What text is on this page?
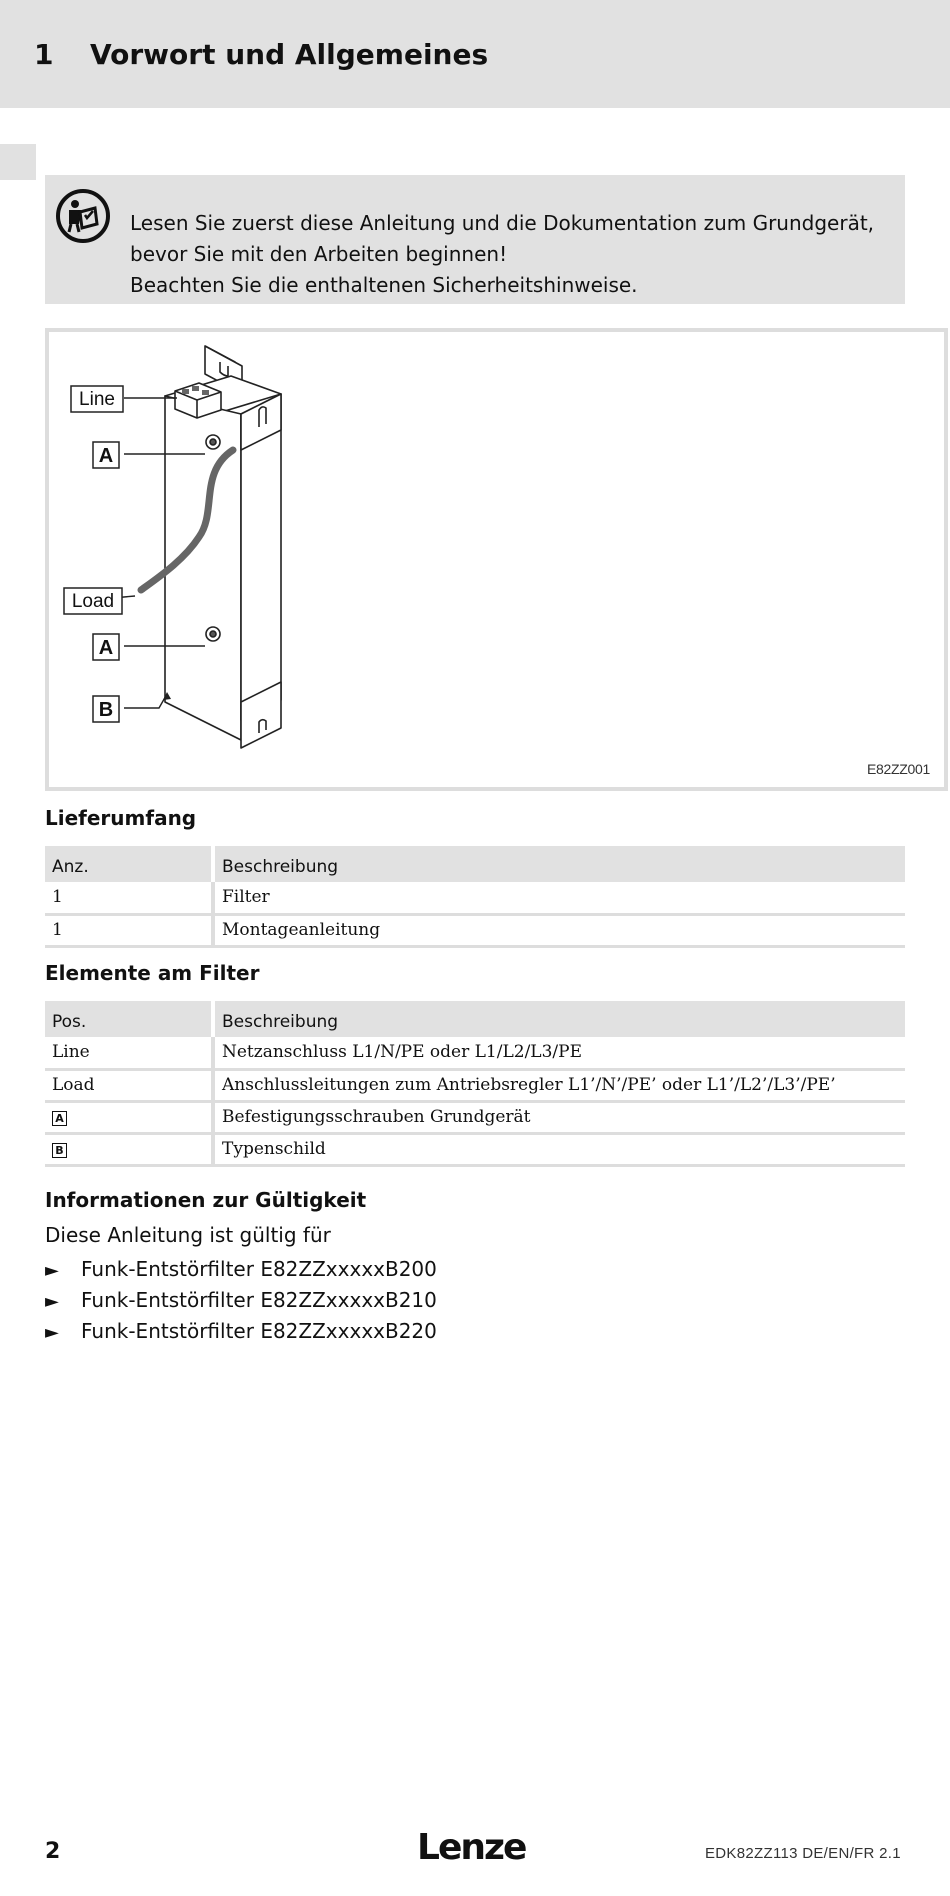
1 Vorwort und Allgemeines
Lesen Sie zuerst diese Anleitung und die Dokumentation zum Grundgerät,
bevor Sie mit den Arbeiten beginnen!
Beachten Sie die enthaltenen Sicherheitshinweise.
Line
A
Load
A
B
E82ZZ001
Lieferumfang
Anz.	Beschreibung
1	Filter
1	Montageanleitung
Elemente am Filter
Pos.	Beschreibung
Line	Netzanschluss L1/N/PE oder L1/L2/L3/PE
Load	Anschlussleitungen zum Antriebsregler L1’/N’/PE’ oder L1’/L2’/L3’/PE’
A	Befestigungsschrauben Grundgerät
B	Typenschild
Informationen zur Gültigkeit
Diese Anleitung ist gültig für
► Funk-Entstörfilter E82ZZxxxxxB200
► Funk-Entstörfilter E82ZZxxxxxB210
► Funk-Entstörfilter E82ZZxxxxxB220
2	Lenze	EDK82ZZ113 DE/EN/FR 2.1
